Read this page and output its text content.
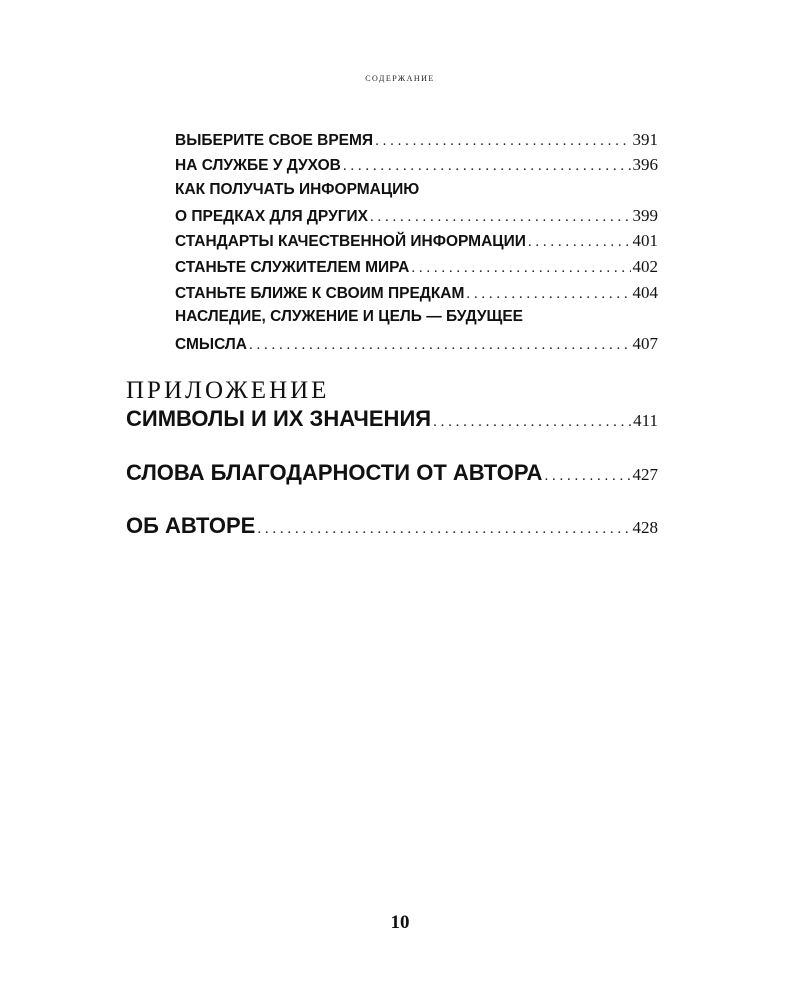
содержание
ВЫБЕРИТЕ СВОЕ ВРЕМЯ . . .	391
НА СЛУЖБЕ У ДУХОВ . . .	396
КАК ПОЛУЧАТЬ ИНФОРМАЦИЮ
О ПРЕДКАХ ДЛЯ ДРУГИХ . . .	399
СТАНДАРТЫ КАЧЕСТВЕННОЙ ИНФОРМАЦИИ . . .	401
СТАНЬТЕ СЛУЖИТЕЛЕМ МИРА . . .	402
СТАНЬТЕ БЛИЖЕ К СВОИМ ПРЕДКАМ . . .	404
НАСЛЕДИЕ, СЛУЖЕНИЕ И ЦЕЛЬ — БУДУЩЕЕ
СМЫСЛА . . .	407
ПРИЛОЖЕНИЕ
СИМВОЛЫ И ИХ ЗНАЧЕНИЯ . . .	411
СЛОВА БЛАГОДАРНОСТИ ОТ АВТОРА . . .	427
ОБ АВТОРЕ . . .	428
10
